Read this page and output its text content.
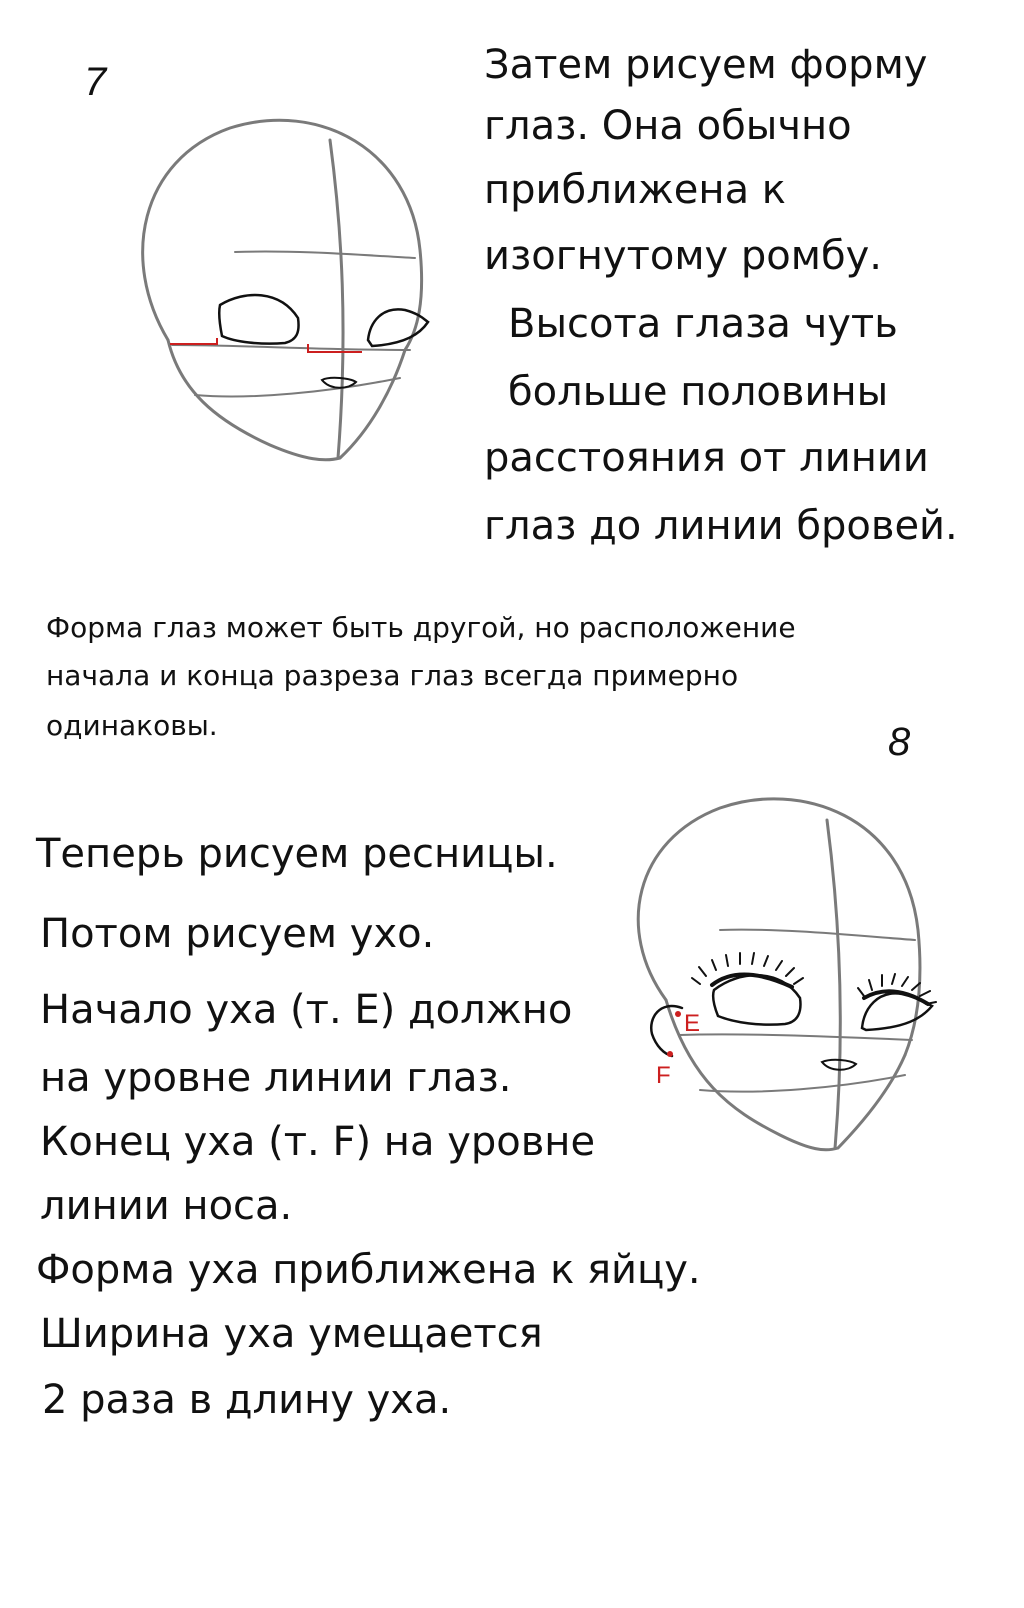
7	Затем рисуем форму
глаз. Она обычно
приближена к
изогнутому ромбу.
Высота глаза чуть
больше половины
расстояния от линии
глаз до линии бровей.
Форма глаз может быть другой, но расположение
начала и конца разреза глаз всегда примерно
одинаковы.	8
E
F
Теперь рисуем ресницы.
Потом рисуем ухо.
Начало уха (т. E) должно
на уровне линии глаз.
Конец уха (т. F) на уровне
линии носа.
Форма уха приближена к яйцу.
Ширина уха умещается
2 раза в длину уха.
